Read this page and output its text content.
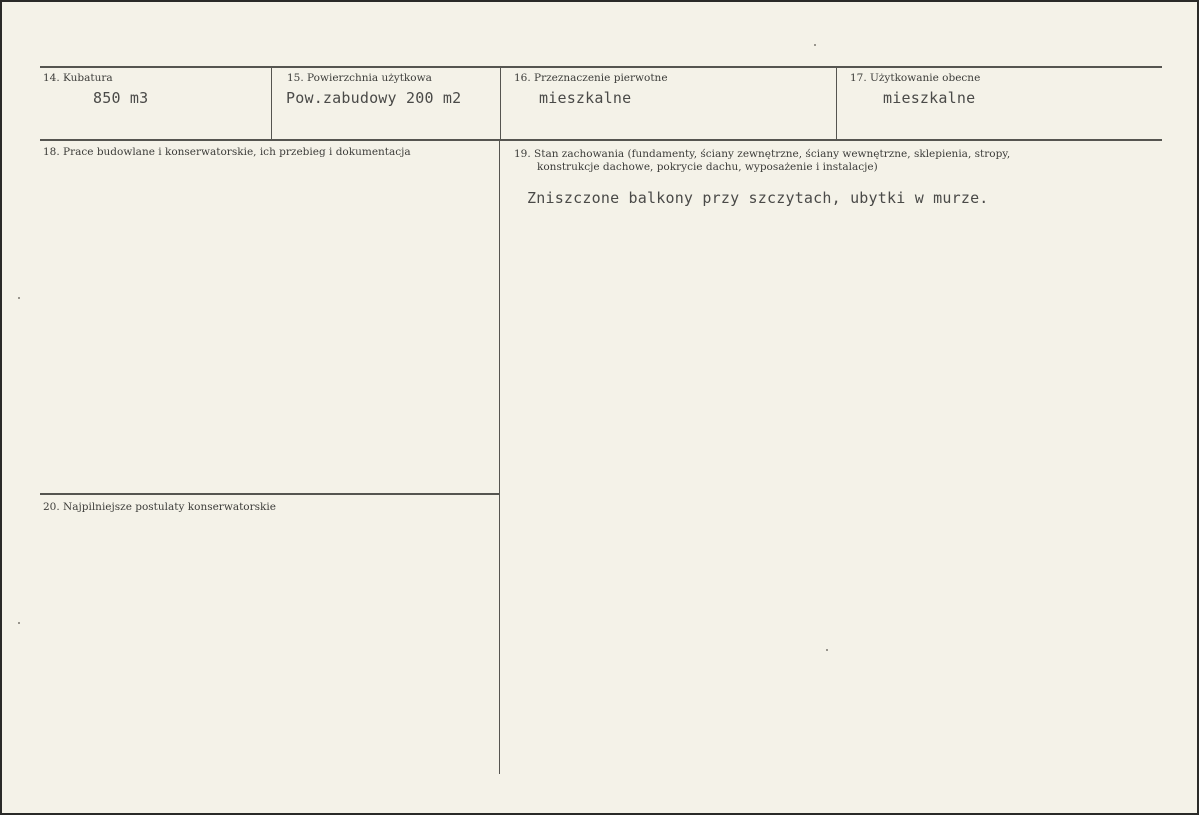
14. Kubatura
850 m3
15. Powierzchnia użytkowa
Pow.zabudowy 200 m2
16. Przeznaczenie pierwotne
mieszkalne
17. Użytkowanie obecne
mieszkalne
18. Prace budowlane i konserwatorskie, ich przebieg i dokumentacja	19. Stan zachowania (fundamenty, ściany zewnętrzne, ściany wewnętrzne, sklepienia, stropy,
konstrukcje dachowe, pokrycie dachu, wyposażenie i instalacje)
Zniszczone balkony przy szczytach, ubytki w murze.
20. Najpilniejsze postulaty konserwatorskie
